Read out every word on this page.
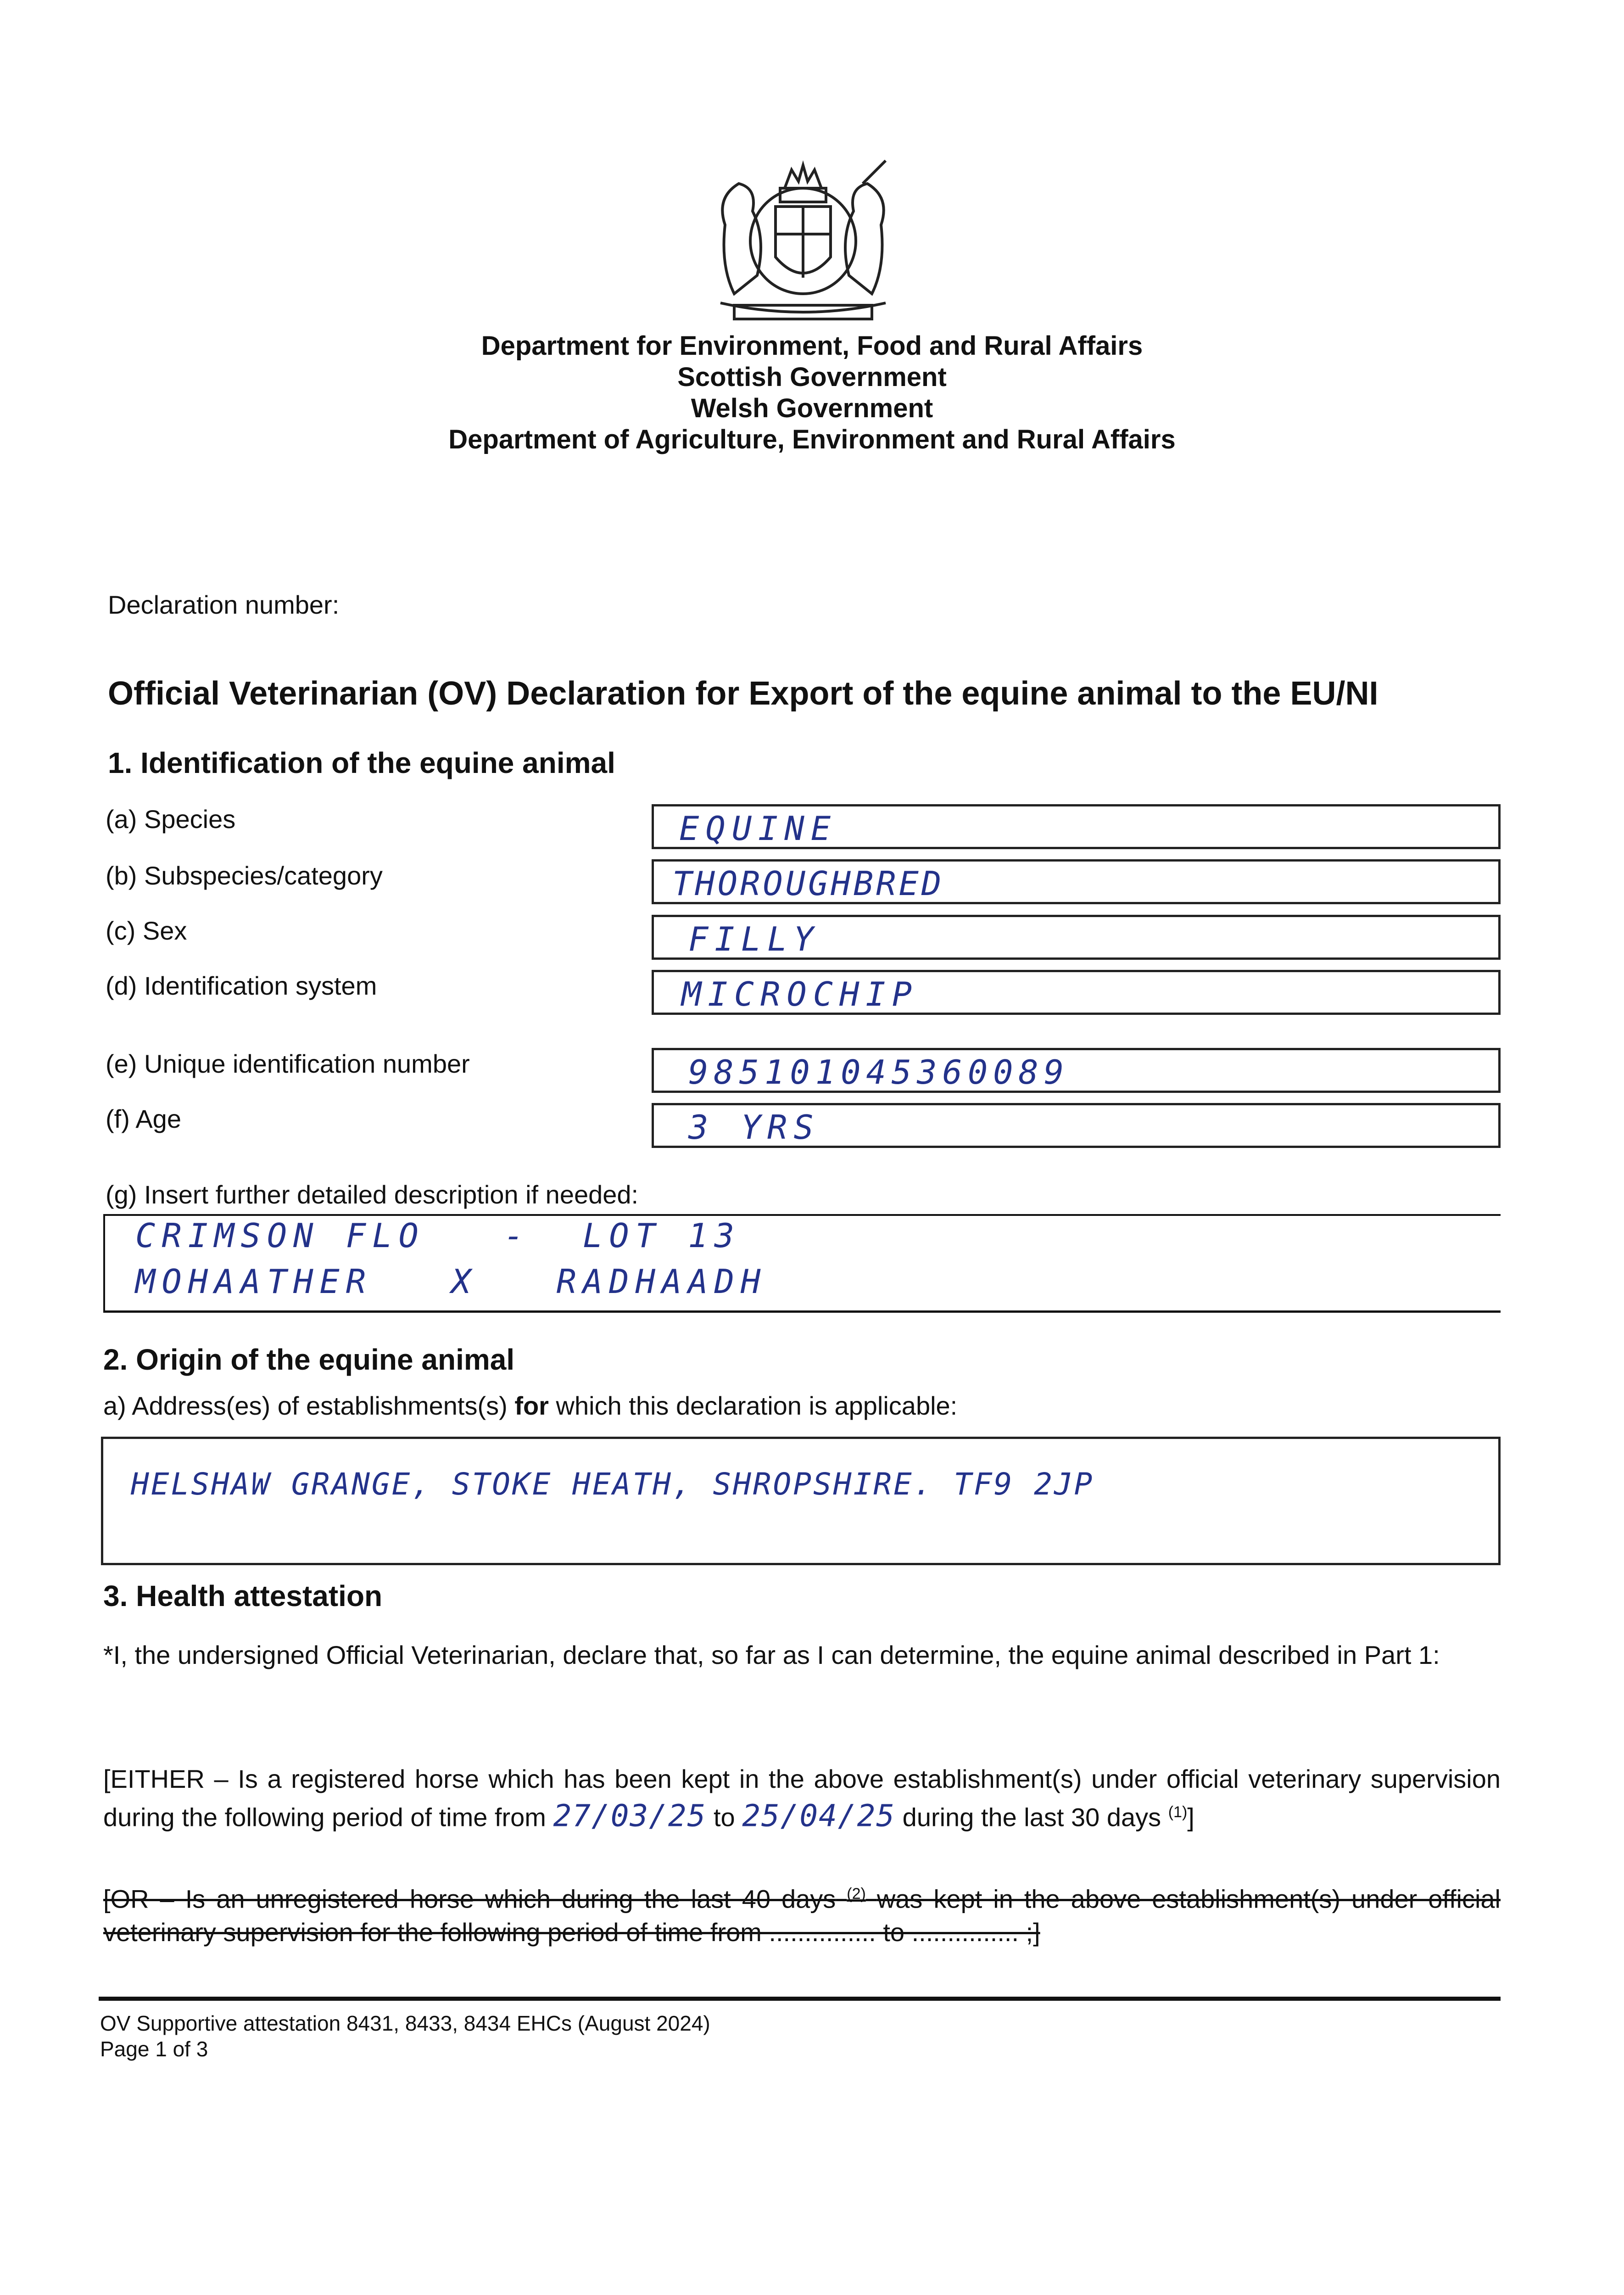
Department for Environment, Food and Rural Affairs
Scottish Government
Welsh Government
Department of Agriculture, Environment and Rural Affairs
Declaration number:
Official Veterinarian (OV) Declaration for Export of the equine animal to the EU/NI
1. Identification of the equine animal
(a) Species	EQUINE
(b) Subspecies/category	THOROUGHBRED
(c) Sex	FILLY
(d) Identification system	MICROCHIP
(e) Unique identification number	985101045360089
(f) Age	3 YRS
(g) Insert further detailed description if needed:
CRIMSON FLO   -  LOT 13
MOHAATHER   X   RADHAADH
2. Origin of the equine animal
a) Address(es) of establishments(s) for which this declaration is applicable:
HELSHAW GRANGE, STOKE HEATH, SHROPSHIRE. TF9 2JP
3. Health attestation
*I, the undersigned Official Veterinarian, declare that, so far as I can determine, the equine animal described in Part 1:
[EITHER – Is a registered horse which has been kept in the above establishment(s) under official veterinary supervision during the following period of time from 27/03/25 to 25/04/25 during the last 30 days $^{(1)}$]
[OR – Is an unregistered horse which during the last 40 days $^{(2)}$ was kept in the above establishment(s) under official veterinary supervision for the following period of time from ............... to ............... ;]
OV Supportive attestation 8431, 8433, 8434 EHCs (August 2024)
Page 1 of 3
